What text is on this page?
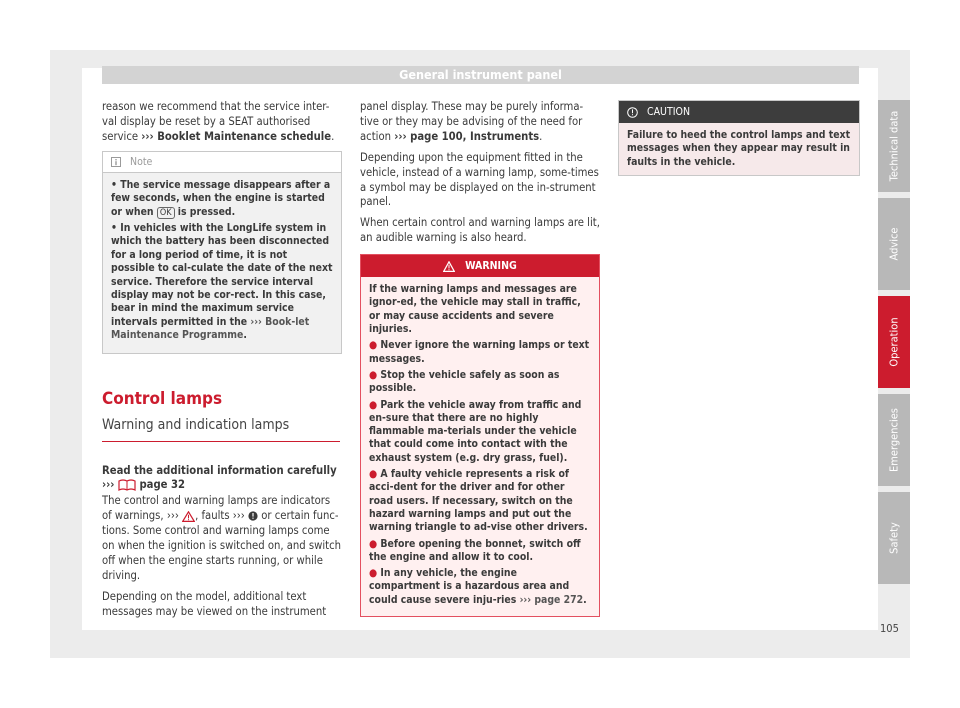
General instrument panel

reason we recommend that the service inter-val display be reset by a SEAT authorised service ››› Booklet Maintenance schedule.

Note
• The service message disappears after a few seconds, when the engine is started or when OK is pressed.
• In vehicles with the LongLife system in which the battery has been disconnected for a long period of time, it is not possible to cal-culate the date of the next service. Therefore the service interval display may not be cor-rect. In this case, bear in mind the maximum service intervals permitted in the ››› Book-let Maintenance Programme.
Control lamps
Warning and indication lamps
Read the additional information carefully

›››  page 32

The control and warning lamps are indicators of warnings, ››› , faults ›››  or certain func-tions. Some control and warning lamps come on when the ignition is switched on, and switch off when the engine starts running, or while driving.

Depending on the model, additional text messages may be viewed on the instrument

panel display. These may be purely informa-tive or they may be advising of the need for action ››› page 100, Instruments.

Depending upon the equipment fitted in the vehicle, instead of a warning lamp, some-times a symbol may be displayed on the in-strument panel.

When certain control and warning lamps are lit, an audible warning is also heard.

WARNING
If the warning lamps and messages are ignor-ed, the vehicle may stall in traffic, or may cause accidents and severe injuries.
● Never ignore the warning lamps or text messages.
● Stop the vehicle safely as soon as possible.
● Park the vehicle away from traffic and en-sure that there are no highly flammable ma-terials under the vehicle that could come into contact with the exhaust system (e.g. dry grass, fuel).
● A faulty vehicle represents a risk of acci-dent for the driver and for other road users. If necessary, switch on the hazard warning lamps and put out the warning triangle to ad-vise other drivers.
● Before opening the bonnet, switch off the engine and allow it to cool.
● In any vehicle, the engine compartment is a hazardous area and could cause severe inju-ries ››› page 272.
CAUTION
Failure to heed the control lamps and text messages when they appear may result in faults in the vehicle.	Technical data
Advice
Operation
Emergencies
Safety
105
